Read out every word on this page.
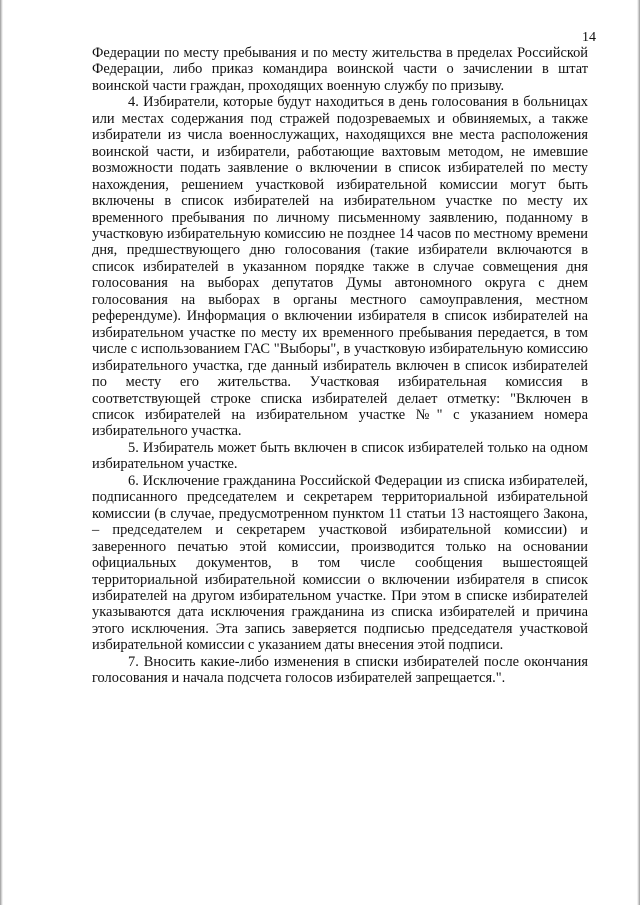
14

Федерации по месту пребывания и по месту жительства в пределах Российской Федерации, либо приказ командира воинской части о зачислении в штат воинской части граждан, проходящих военную службу по призыву.

4. Избиратели, которые будут находиться в день голосования в больницах или местах содержания под стражей подозреваемых и обвиняемых, а также избиратели из числа военнослужащих, находящихся вне места расположения воинской части, и избиратели, работающие вахтовым методом, не имевшие возможности подать заявление о включении в список избирателей по месту нахождения, решением участковой избирательной комиссии могут быть включены в список избирателей на избирательном участке по месту их временного пребывания по личному письменному заявлению, поданному в участковую избирательную комиссию не позднее 14 часов по местному времени дня, предшествующего дню голосования (такие избиратели включаются в список избирателей в указанном порядке также в случае совмещения дня голосования на выборах депутатов Думы автономного округа с днем голосования на выборах в органы местного самоуправления, местном референдуме). Информация о включении избирателя в список избирателей на избирательном участке по месту их временного пребывания передается, в том числе с использованием ГАС "Выборы", в участковую избирательную комиссию избирательного участка, где данный избиратель включен в список избирателей по месту его жительства. Участковая избирательная комиссия в соответствующей строке списка избирателей делает отметку: "Включен в список избирателей на избирательном участке №" с указанием номера избирательного участка.

5. Избиратель может быть включен в список избирателей только на одном избирательном участке.

6. Исключение гражданина Российской Федерации из списка избирателей, подписанного председателем и секретарем территориальной избирательной комиссии (в случае, предусмотренном пунктом 11 статьи 13 настоящего Закона, – председателем и секретарем участковой избирательной комиссии) и заверенного печатью этой комиссии, производится только на основании официальных документов, в том числе сообщения вышестоящей территориальной избирательной комиссии о включении избирателя в список избирателей на другом избирательном участке. При этом в списке избирателей указываются дата исключения гражданина из списка избирателей и причина этого исключения. Эта запись заверяется подписью председателя участковой избирательной комиссии с указанием даты внесения этой подписи.

7. Вносить какие-либо изменения в списки избирателей после окончания голосования и начала подсчета голосов избирателей запрещается.".
